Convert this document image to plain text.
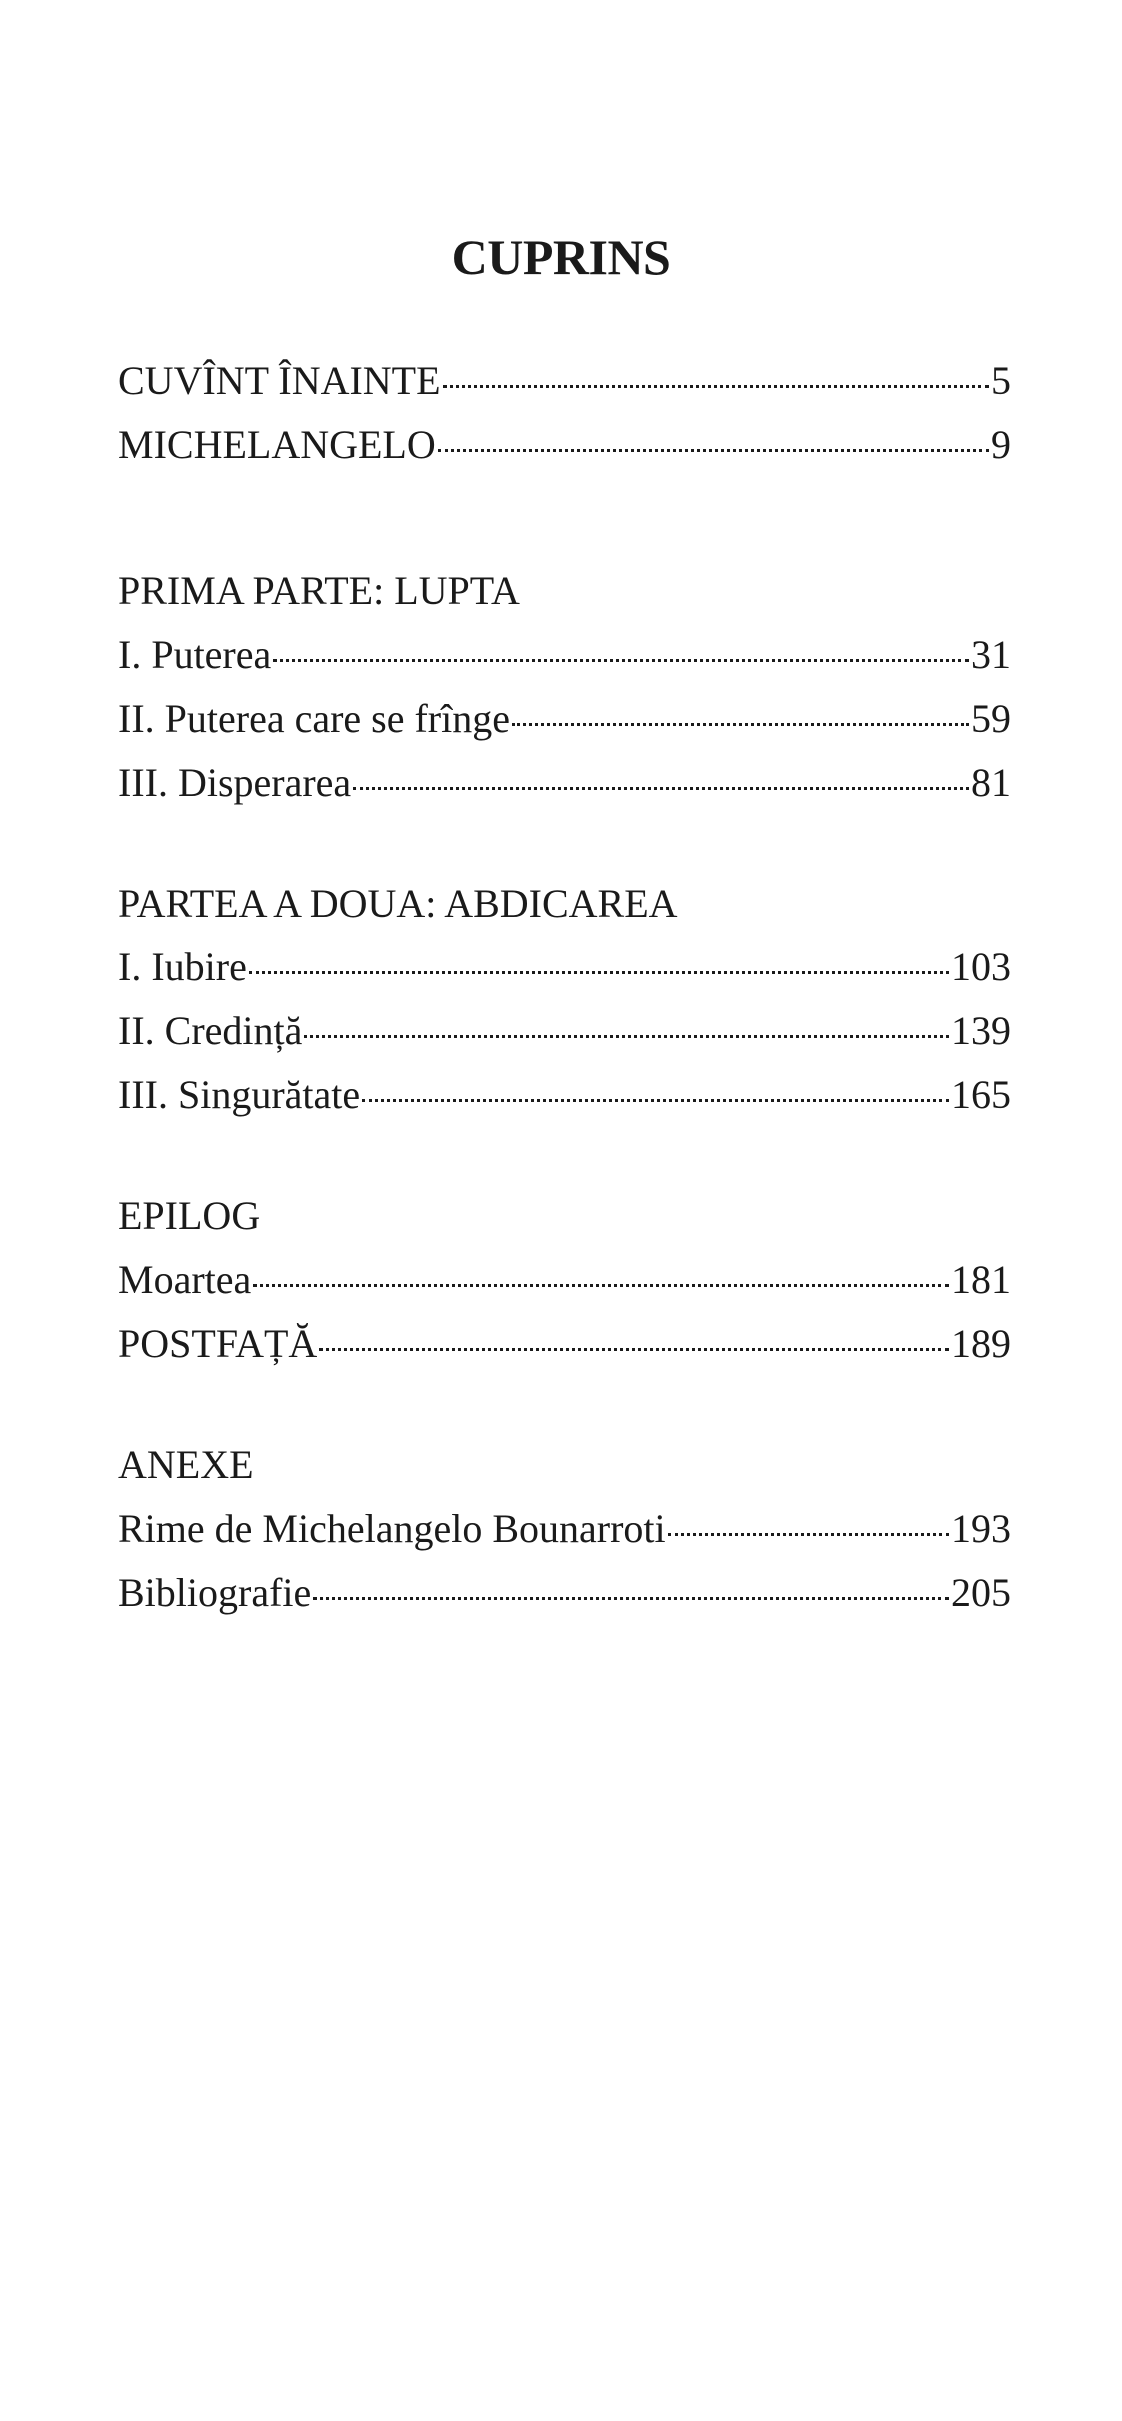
CUPRINS
CUVÎNT ÎNAINTE	5
MICHELANGELO	9
PRIMA PARTE: LUPTA
I. Puterea	31
II. Puterea care se frînge	59
III. Disperarea	81
PARTEA A DOUA: ABDICAREA
I. Iubire	103
II. Credință	139
III. Singurătate	165
EPILOG
Moartea	181
POSTFAȚĂ	189
ANEXE
Rime de Michelangelo Bounarroti	193
Bibliografie	205
